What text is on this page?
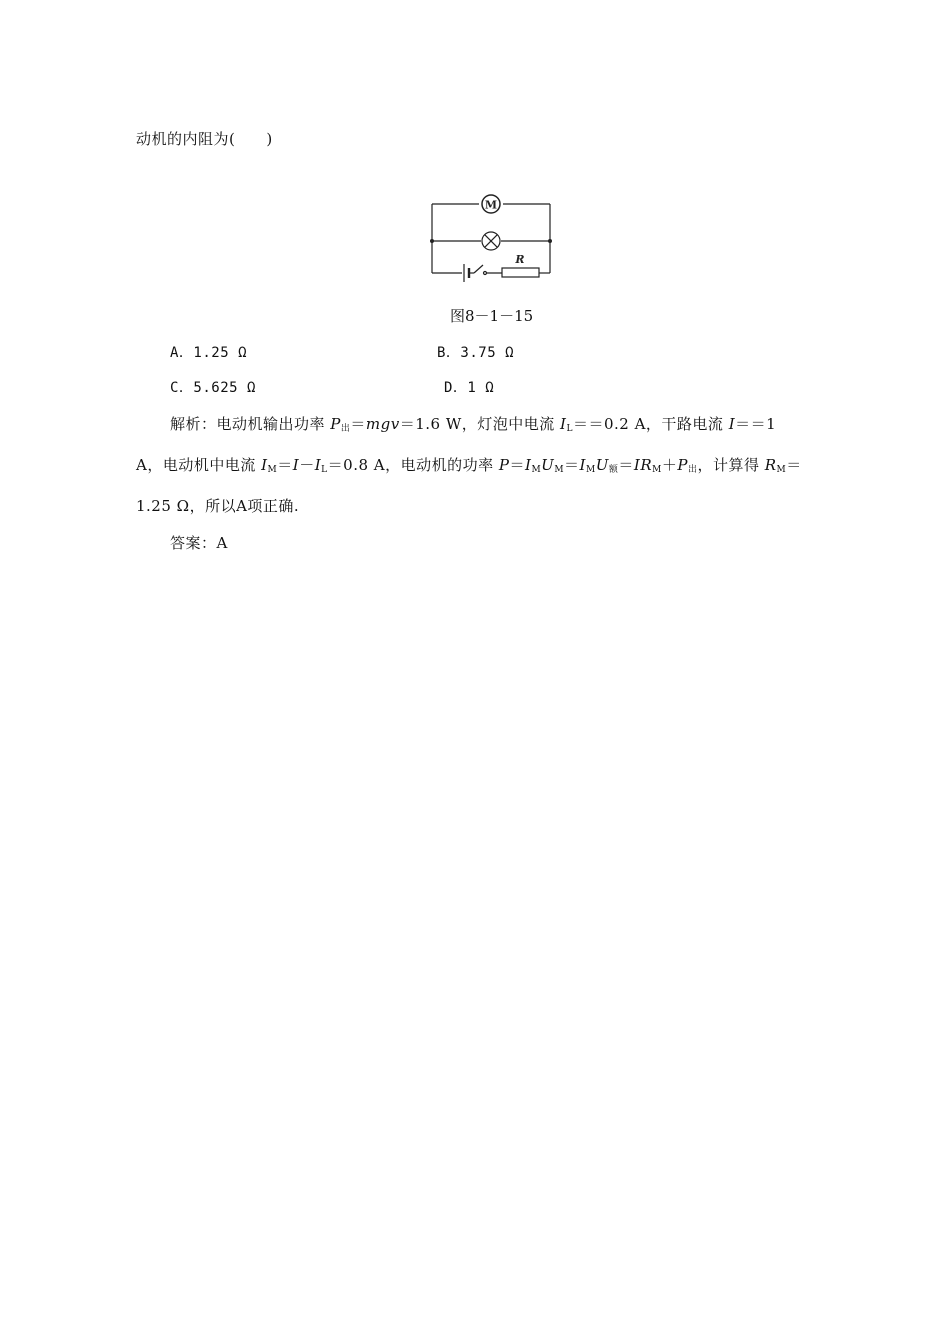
动机的内阻为(　　)
M
R
图8－1－15
A．1.25 Ω	B．3.75 Ω
C．5.625 Ω	D．1 Ω
解析：电动机输出功率 $P_出=mgv=1.6$ W，灯泡中电流 $I_L==0.2$ A，干路电流 I＝＝1
A，电动机中电流 $I_M=I-I_L=0.8$ A，电动机的功率 $P=I_MU_M=I_MU_额=IR_M+P_出$，计算得 $R_M=$
1.25 Ω，所以A项正确.
答案：A
